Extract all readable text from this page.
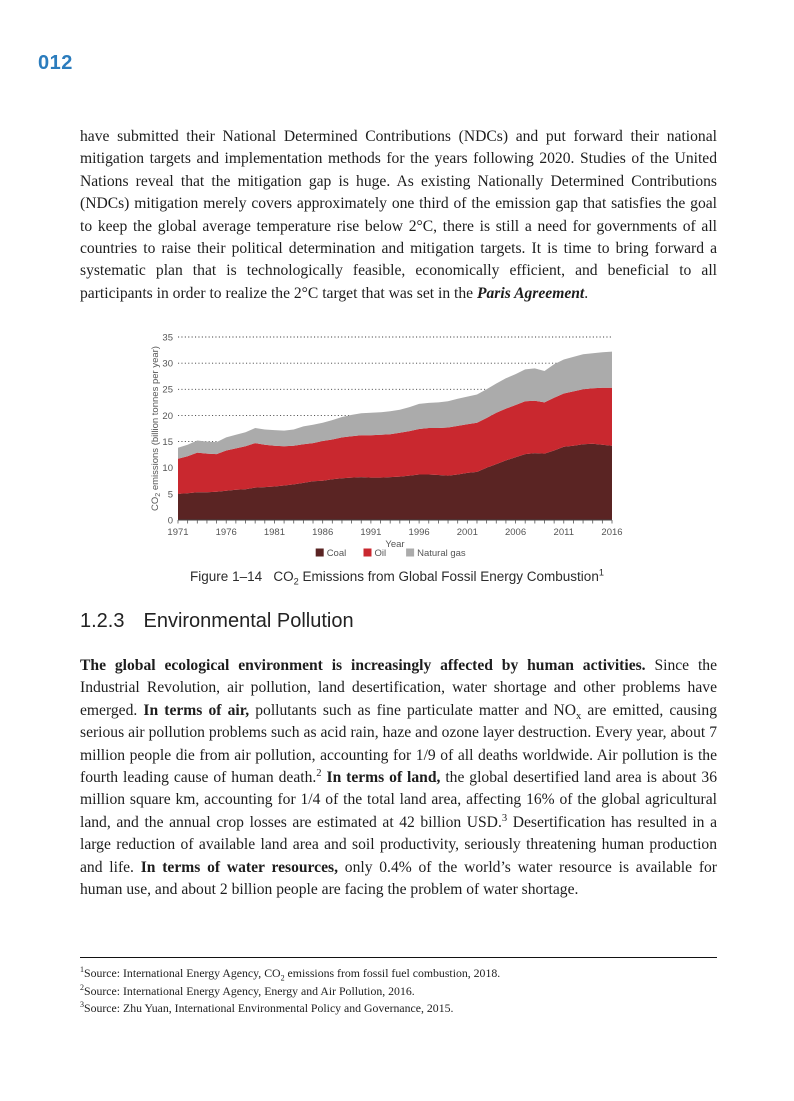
012

have submitted their National Determined Contributions (NDCs) and put forward their national mitigation targets and implementation methods for the years following 2020. Studies of the United Nations reveal that the mitigation gap is huge. As existing Nationally Determined Contributions (NDCs) mitigation merely covers approximately one third of the emission gap that satisfies the goal to keep the global average temperature rise below 2°C, there is still a need for governments of all countries to raise their political determination and mitigation targets. It is time to bring forward a systematic plan that is technologically feasible, economically efficient, and beneficial to all participants in order to realize the 2°C target that was set in the Paris Agreement.

0
5
10
15
20
25
30
35
1971	1976	1981	1986	1991	1996	2001	2006	2011	2016
Year
$CO_2$ emissions (billion tonnes per year)
Coal	Oil	Natural gas

Figure 1–14   $CO_2$ Emissions from Global Fossil Energy Combustion$^1$

1.2.3 Environmental Pollution

The global ecological environment is increasingly affected by human activities. Since the Industrial Revolution, air pollution, land desertification, water shortage and other problems have emerged. In terms of air, pollutants such as fine particulate matter and $NO_x$ are emitted, causing serious air pollution problems such as acid rain, haze and ozone layer destruction. Every year, about 7 million people die from air pollution, accounting for 1/9 of all deaths worldwide. Air pollution is the fourth leading cause of human death.$^2$ In terms of land, the global desertified land area is about 36 million square km, accounting for 1/4 of the total land area, affecting 16% of the global agricultural land, and the annual crop losses are estimated at 42 billion USD.$^3$ Desertification has resulted in a large reduction of available land area and soil productivity, seriously threatening human production and life. In terms of water resources, only 0.4% of the world’s water resource is available for human use, and about 2 billion people are facing the problem of water shortage.

$^1$Source: International Energy Agency, $CO_2$ emissions from fossil fuel combustion, 2018.

$^2$Source: International Energy Agency, Energy and Air Pollution, 2016.

$^3$Source: Zhu Yuan, International Environmental Policy and Governance, 2015.
